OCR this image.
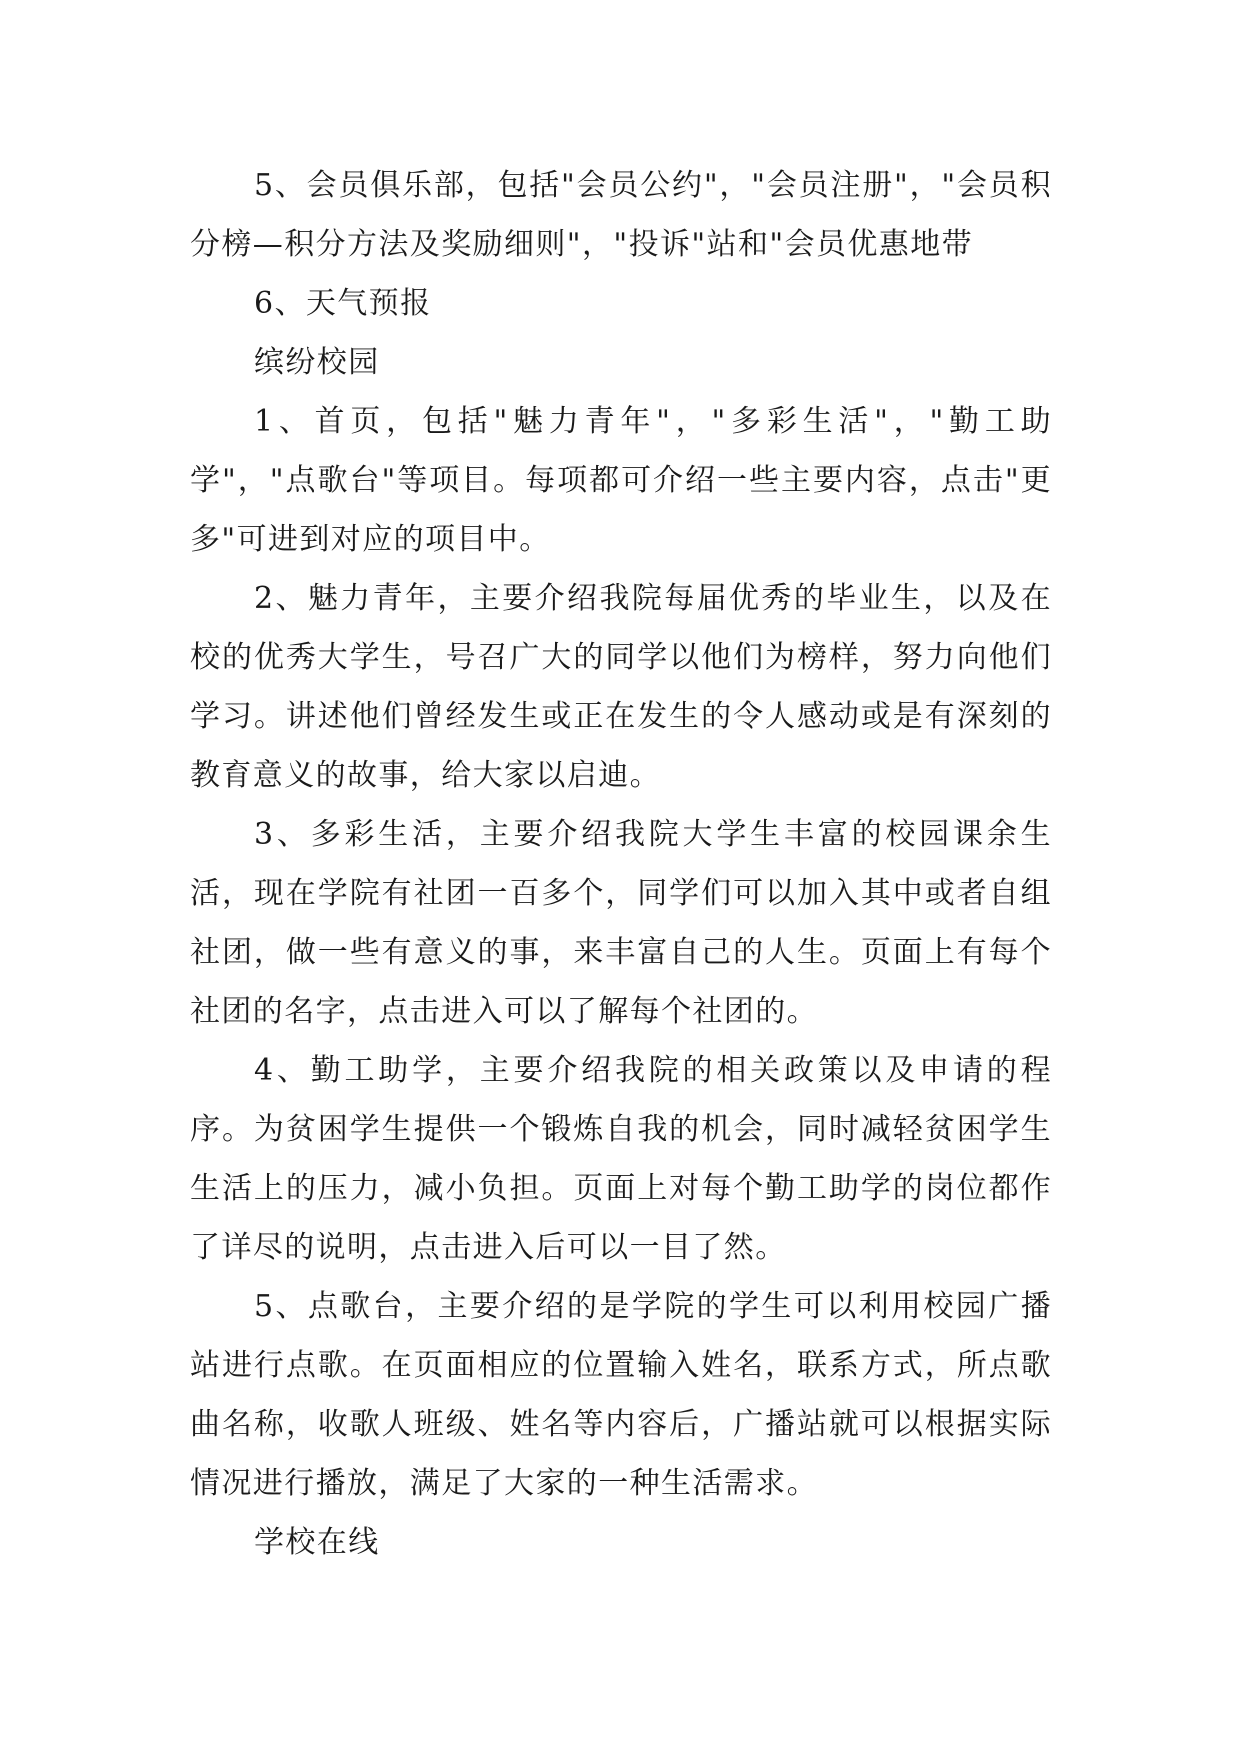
5、会员俱乐部，包括"会员公约"，"会员注册"，"会员积分榜—积分方法及奖励细则"，"投诉"站和"会员优惠地带

6、天气预报

缤纷校园

1、首页，包括"魅力青年"，"多彩生活"，"勤工助学"，"点歌台"等项目。每项都可介绍一些主要内容，点击"更多"可进到对应的项目中。

2、魅力青年，主要介绍我院每届优秀的毕业生，以及在校的优秀大学生，号召广大的同学以他们为榜样，努力向他们学习。讲述他们曾经发生或正在发生的令人感动或是有深刻的教育意义的故事，给大家以启迪。

3、多彩生活，主要介绍我院大学生丰富的校园课余生活，现在学院有社团一百多个，同学们可以加入其中或者自组社团，做一些有意义的事，来丰富自己的人生。页面上有每个社团的名字，点击进入可以了解每个社团的。

4、勤工助学，主要介绍我院的相关政策以及申请的程序。为贫困学生提供一个锻炼自我的机会，同时减轻贫困学生生活上的压力，减小负担。页面上对每个勤工助学的岗位都作了详尽的说明，点击进入后可以一目了然。

5、点歌台，主要介绍的是学院的学生可以利用校园广播站进行点歌。在页面相应的位置输入姓名，联系方式，所点歌曲名称，收歌人班级、姓名等内容后，广播站就可以根据实际情况进行播放，满足了大家的一种生活需求。

学校在线
